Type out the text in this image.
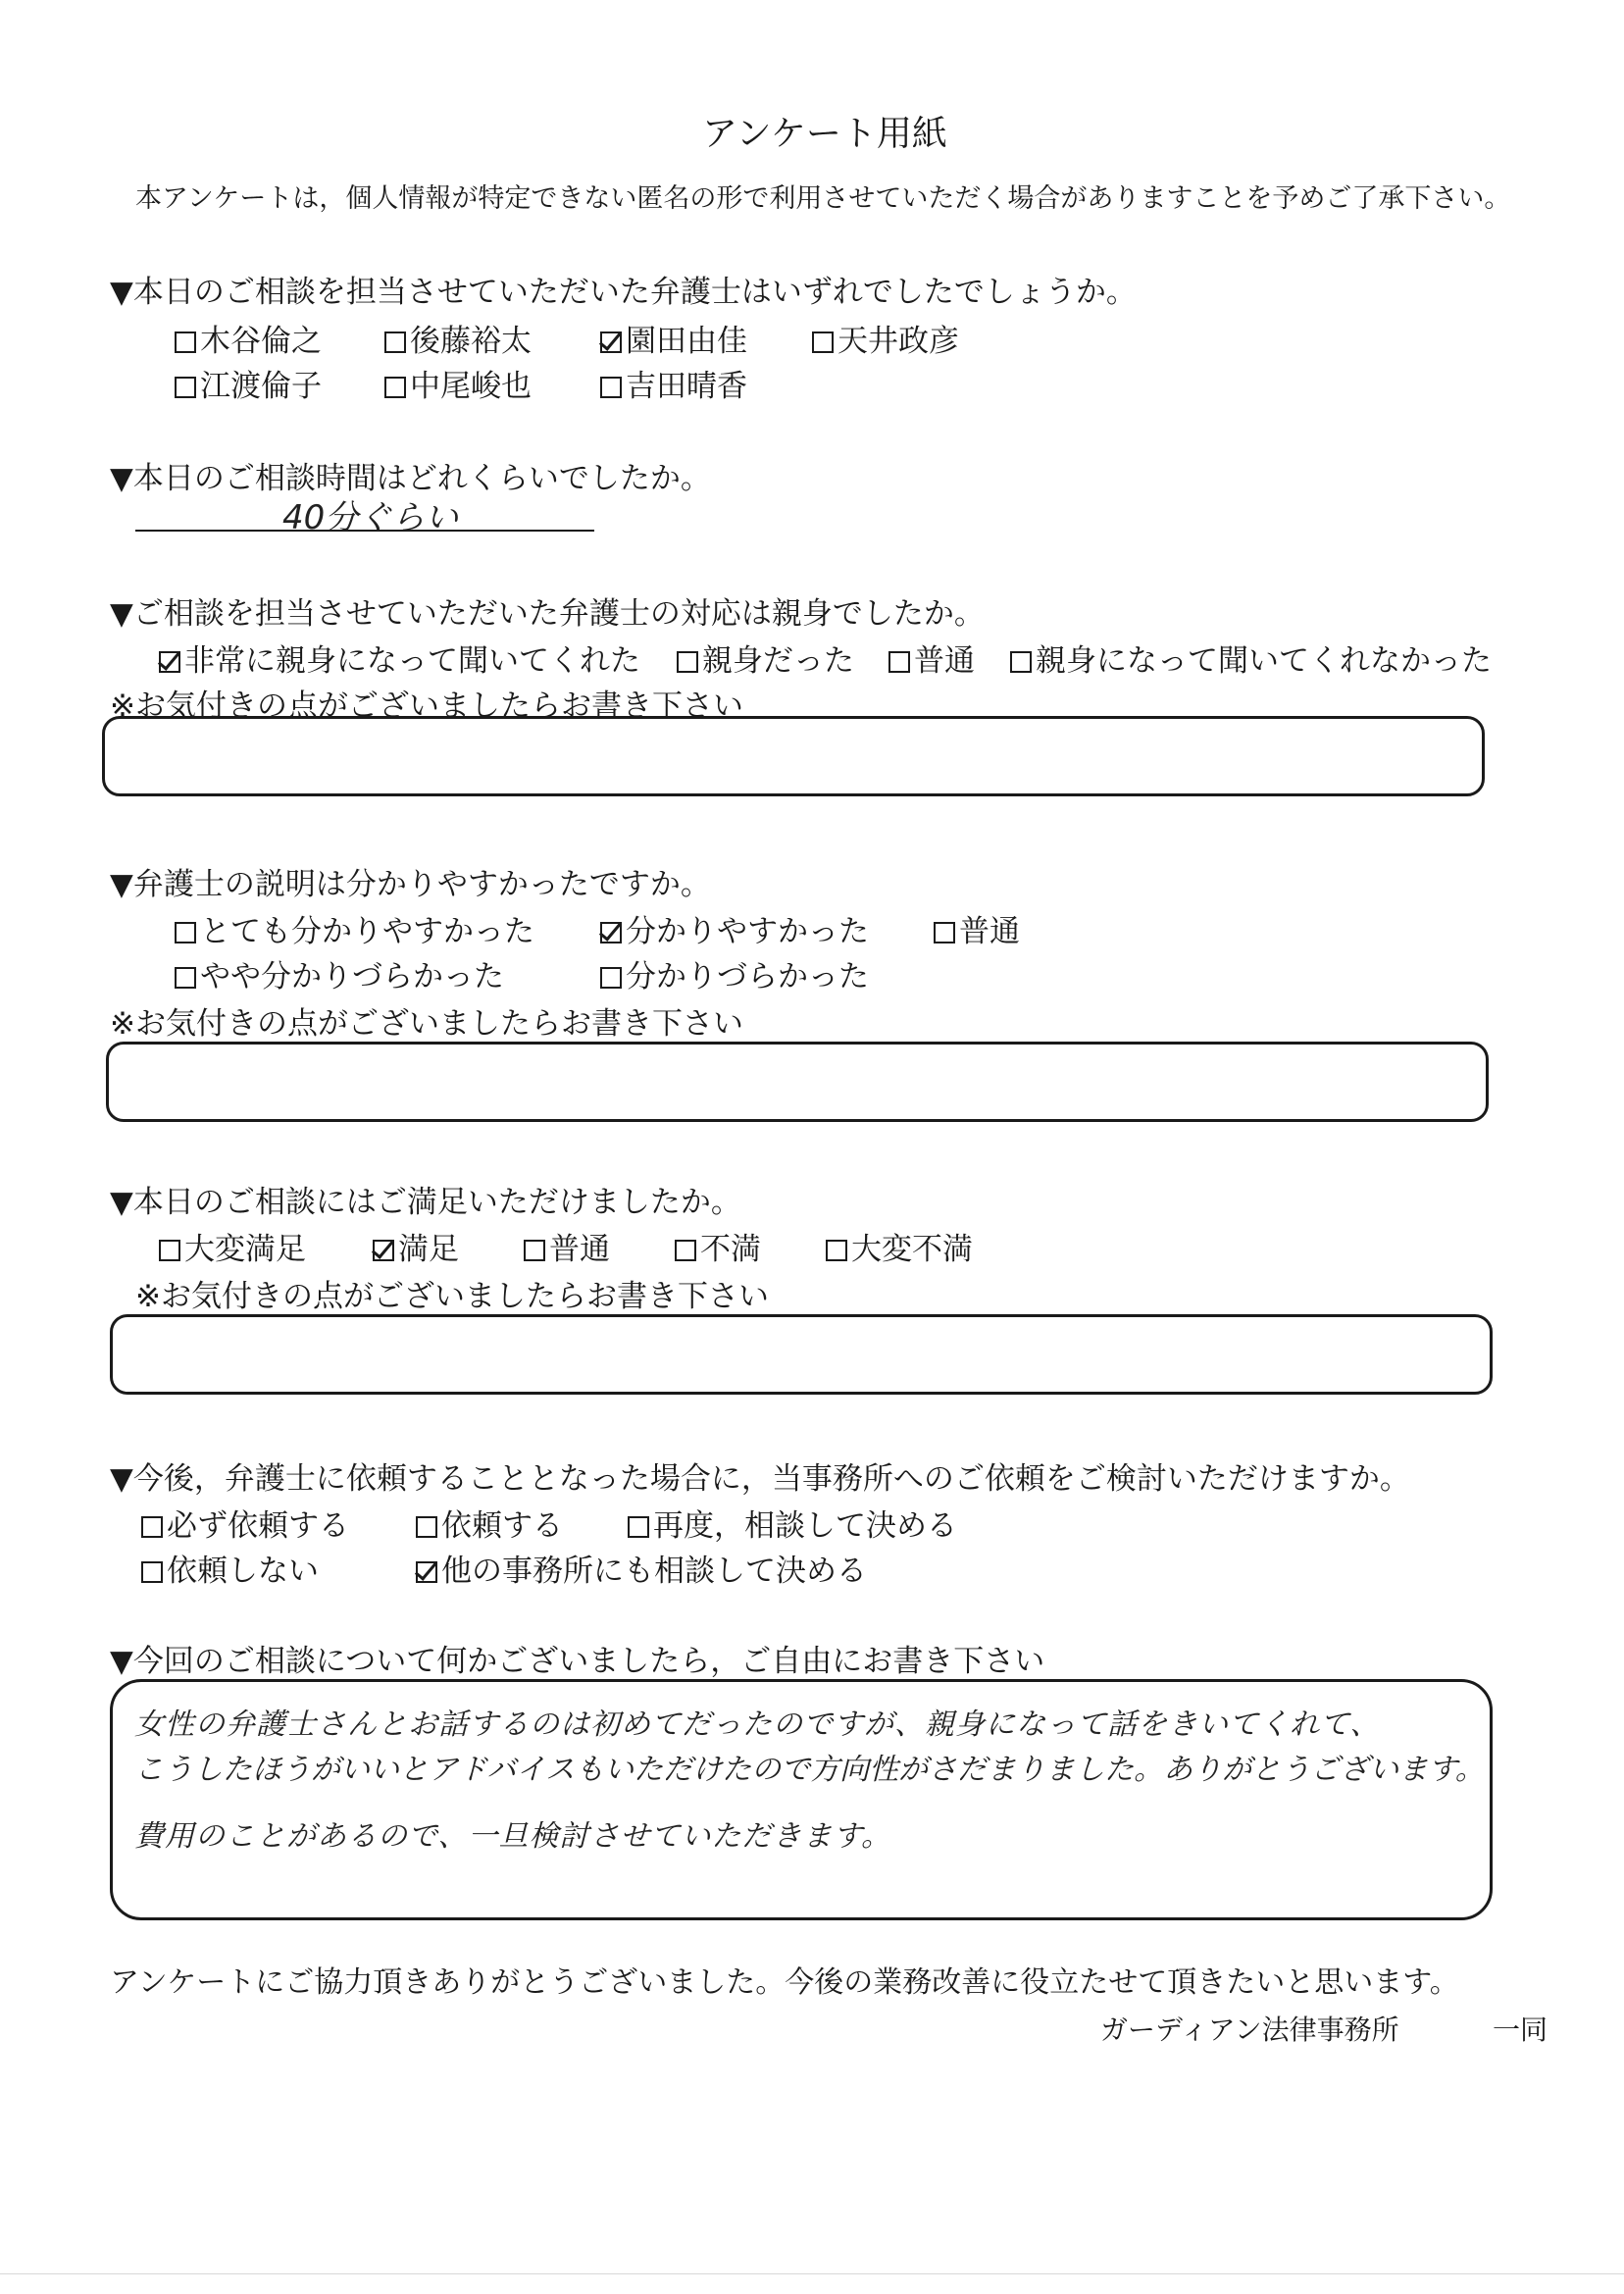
アンケート用紙
本アンケートは，個人情報が特定できない匿名の形で利用させていただく場合がありますことを予めご了承下さい。
▼本日のご相談を担当させていただいた弁護士はいずれでしたでしょうか。
木谷倫之	後藤裕太	園田由佳	天井政彦
江渡倫子	中尾峻也	吉田晴香
▼本日のご相談時間はどれくらいでしたか。
40分ぐらい
▼ご相談を担当させていただいた弁護士の対応は親身でしたか。
非常に親身になって聞いてくれた	親身だった	普通	親身になって聞いてくれなかった
※お気付きの点がございましたらお書き下さい
▼弁護士の説明は分かりやすかったですか。
とても分かりやすかった	分かりやすかった	普通
やや分かりづらかった	分かりづらかった
※お気付きの点がございましたらお書き下さい
▼本日のご相談にはご満足いただけましたか。
大変満足	満足	普通	不満	大変不満
※お気付きの点がございましたらお書き下さい
▼今後，弁護士に依頼することとなった場合に，当事務所へのご依頼をご検討いただけますか。
必ず依頼する	依頼する	再度，相談して決める
依頼しない	他の事務所にも相談して決める
▼今回のご相談について何かございましたら，ご自由にお書き下さい
女性の弁護士さんとお話するのは初めてだったのですが、親身になって話をきいてくれて、
こうしたほうがいいとアドバイスもいただけたので方向性がさだまりました。ありがとうございます。
費用のことがあるので、一旦検討させていただきます。
アンケートにご協力頂きありがとうございました。今後の業務改善に役立たせて頂きたいと思います。
ガーディアン法律事務所	一同
